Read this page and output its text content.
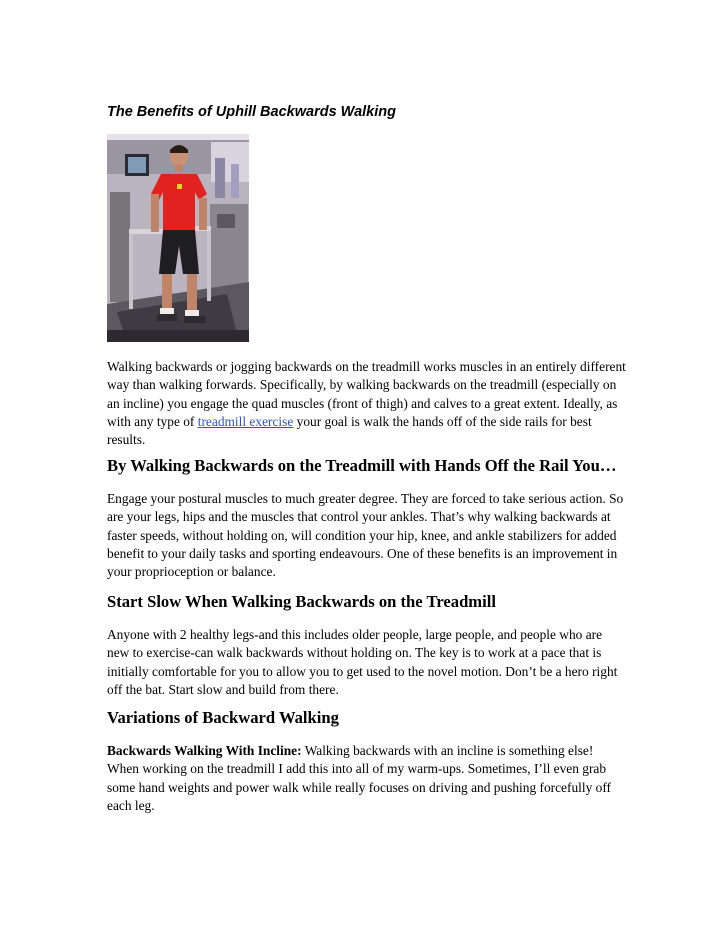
The Benefits of Uphill Backwards Walking

Walking backwards or jogging backwards on the treadmill works muscles in an entirely different way than walking forwards. Specifically, by walking backwards on the treadmill (especially on an incline) you engage the quad muscles (front of thigh) and calves to a great extent. Ideally, as with any type of treadmill exercise your goal is walk the hands off of the side rails for best results.

By Walking Backwards on the Treadmill with Hands Off the Rail You…

Engage your postural muscles to much greater degree. They are forced to take serious action. So are your legs, hips and the muscles that control your ankles. That’s why walking backwards at faster speeds, without holding on, will condition your hip, knee, and ankle stabilizers for added benefit to your daily tasks and sporting endeavours. One of these benefits is an improvement in your proprioception or balance.

Start Slow When Walking Backwards on the Treadmill

Anyone with 2 healthy legs-and this includes older people, large people, and people who are new to exercise-can walk backwards without holding on. The key is to work at a pace that is initially comfortable for you to allow you to get used to the novel motion. Don’t be a hero right off the bat. Start slow and build from there.

Variations of Backward Walking

Backwards Walking With Incline: Walking backwards with an incline is something else! When working on the treadmill I add this into all of my warm-ups. Sometimes, I’ll even grab some hand weights and power walk while really focuses on driving and pushing forcefully off each leg.
